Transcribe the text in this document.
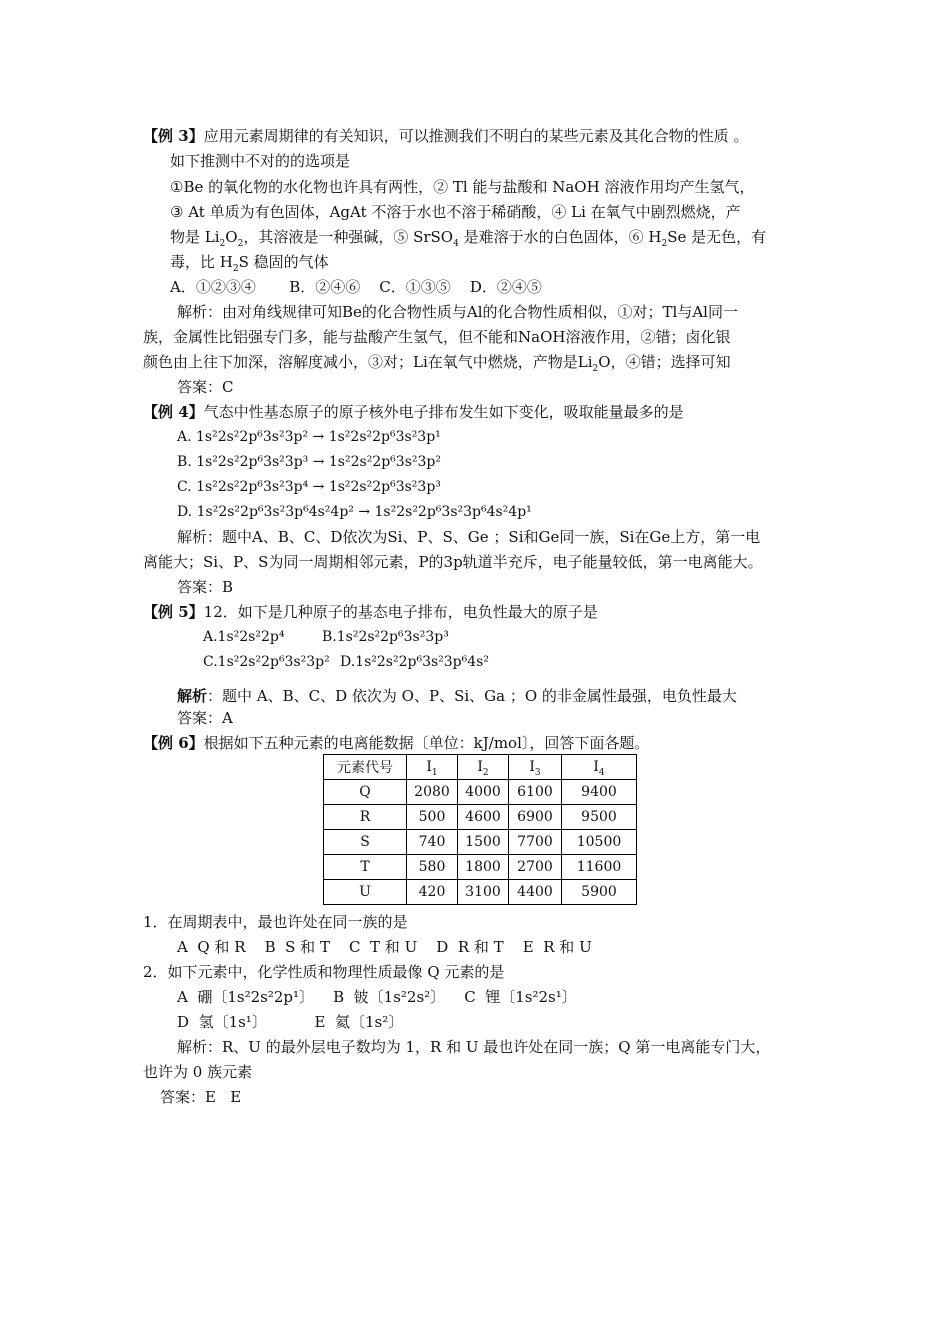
【例 3】应用元素周期律的有关知识，可以推测我们不明白的某些元素及其化合物的性质 。
如下推测中不对的的选项是
①Be 的氧化物的水化物也许具有两性，② Tl 能与盐酸和 NaOH 溶液作用均产生氢气，
③ At 单质为有色固体，AgAt 不溶于水也不溶于稀硝酸，④ Li 在氧气中剧烈燃烧，产
物是 $Li_2O_2$，其溶液是一种强碱，⑤ SrSO$_4$ 是难溶于水的白色固体，⑥ $H_2Se$ 是无色，有
毒，比 $H_2S$ 稳固的气体
A．①②③④       B．②④⑥    C．①③⑤    D．②④⑤
解析：由对角线规律可知Be的化合物性质与Al的化合物性质相似，①对；Tl与Al同一
族，金属性比铝强专门多，能与盐酸产生氢气，但不能和NaOH溶液作用，②错；卤化银
颜色由上往下加深，溶解度减小，③对；Li在氧气中燃烧，产物是$Li_2O$，④错；选择可知
答案：C
【例 4】气态中性基态原子的原子核外电子排布发生如下变化，吸取能量最多的是
A. 1s²2s²2p⁶3s²3p² → 1s²2s²2p⁶3s²3p¹
B. 1s²2s²2p⁶3s²3p³ → 1s²2s²2p⁶3s²3p²
C. 1s²2s²2p⁶3s²3p⁴ → 1s²2s²2p⁶3s²3p³
D. 1s²2s²2p⁶3s²3p⁶4s²4p² → 1s²2s²2p⁶3s²3p⁶4s²4p¹
解析：题中A、B、C、D依次为Si、P、S、Ge ；Si和Ge同一族，Si在Ge上方，第一电
离能大；Si、P、S为同一周期相邻元素，P的3p轨道半充斥，电子能量较低，第一电离能大。
答案：B
【例 5】12．如下是几种原子的基态电子排布，电负性最大的原子是
A.1s²2s²2p⁴	B.1s²2s²2p⁶3s²3p³
C.1s²2s²2p⁶3s²3p² D.1s²2s²2p⁶3s²3p⁶4s²
解析：题中 A、B、C、D 依次为 O、P、Si、Ga ；O 的非金属性最强，电负性最大
答案：A
【例 6】根据如下五种元素的电离能数据〔单位：kJ/mol〕，回答下面各题。
元素代号	$I_1$	$I_2$	$I_3$	$I_4$
Q	2080	4000	6100	9400
R	500	4600	6900	9500
S	740	1500	7700	10500
T	580	1800	2700	11600
U	420	3100	4400	5900
1．在周期表中，最也许处在同一族的是
A  Q 和 R    B  S 和 T    C  T 和 U    D  R 和 T    E  R 和 U
2．如下元素中，化学性质和物理性质最像 Q 元素的是
A  硼〔1s²2s²2p¹〕    B  铍〔1s²2s²〕    C  锂〔1s²2s¹〕
D  氢〔1s¹〕          E  氦〔1s²〕
解析：R、U 的最外层电子数均为 1，R 和 U 最也许处在同一族；Q 第一电离能专门大，
也许为 0 族元素
答案：E   E
